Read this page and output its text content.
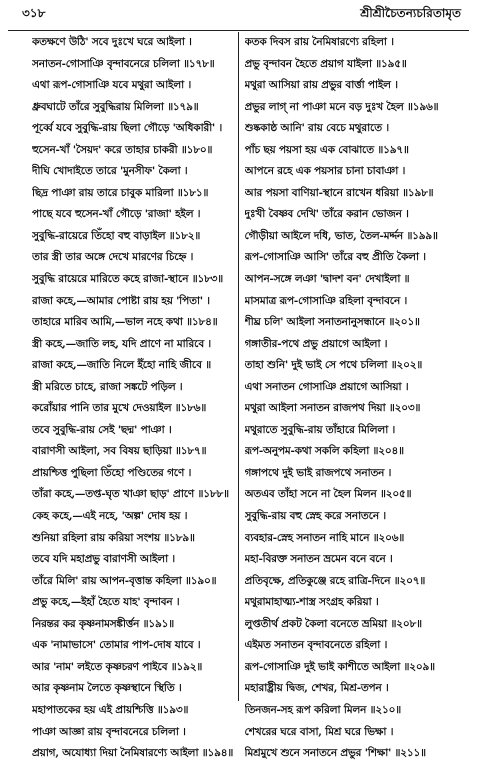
৩১৮	শ্রীশ্রীচৈতন্যচরিতামৃত
কতক্ষণে উঠি' সবে দুঃখে ঘরে আইলা ।
সনাতন-গোসাঞি বৃন্দাবনেরে চলিলা ॥১৭৮॥
এথা রূপ-গোসাঞি যবে মথুরা আইলা ।
ধ্রুবঘাটে তাঁরে সুবুদ্ধিরায় মিলিলা ॥১৭৯॥
পূর্ব্বে যবে সুবুদ্ধি-রায় ছিলা গৌড়ে 'অধিকারী' ।
হুসেন-খাঁ 'সৈয়দ' করে তাহার চাকরী ॥১৮০॥
দীঘি খোদাইতে তারে 'মুনসীফ' কৈলা ।
ছিদ্র পাঞা রায় তারে চাবুক মারিলা ॥১৮১॥
পাছে যবে হুসেন-খাঁ গৌড়ে 'রাজা' হইল ।
সুবুদ্ধি-রায়েরে তিঁহো বহু বাড়াইল ॥১৮২॥
তার স্ত্রী তার অঙ্গে দেখে মারণের চিহ্নে ।
সুবুদ্ধি রায়েরে মারিতে কহে রাজা-স্থানে ॥১৮৩॥
রাজা কহে,—আমার পোষ্টা রায় হয় 'পিতা' ।
তাহারে মারিব আমি,—ভাল নহে কথা ॥১৮৪॥
স্ত্রী কহে,—জাতি লহ, যদি প্রাণে না মারিবে ।
রাজা কহে,—জাতি নিলে ইঁহো নাহি জীবে ॥
স্ত্রী মরিতে চাহে, রাজা সঙ্কটে পড়িল ।
করোঁয়ার পানি তার মুখে দেওয়াইল ॥১৮৬॥
তবে সুবুদ্ধি-রায় সেই 'ছদ্ম' পাঞা ।
বারাণসী আইলা, সব বিষয় ছাড়িয়া ॥১৮৭॥
প্রায়শ্চিত্ত পুছিলা তিঁহো পণ্ডিতের গণে ।
তাঁরা কহে,—তপ্ত-ঘৃত খাঞা ছাড়' প্রাণে ॥১৮৮॥
কেহ কহে,—এই নহে, 'অল্প' দোষ হয় ।
শুনিয়া রহিলা রায় করিয়া সংশয় ॥১৮৯॥
তবে যদি মহাপ্রভু বারাণসী আইলা ।
তাঁরে মিলি' রায় আপন-বৃত্তান্ত কহিলা ॥১৯০॥
প্রভু কহে,—ইহাঁ হৈতে যাহ' বৃন্দাবন ।
নিরন্তর কর কৃষ্ণনামসঙ্কীর্ত্তন ॥১৯১॥
এক 'নামাভাসে' তোমার পাপ-দোষ যাবে ।
আর 'নাম' লইতে কৃষ্ণচরণ পাইবে ॥১৯২॥
আর কৃষ্ণনাম লৈতে কৃষ্ণস্থানে স্থিতি ।
মহাপাতকের হয় এই প্রায়শ্চিত্তি ॥১৯৩॥
পাঞা আজ্ঞা রায় বৃন্দাবনেরে চলিলা ।
প্রয়াগ, অযোধ্যা দিয়া নৈমিষারণ্যে আইলা ॥১৯৪॥
কতক দিবস রায় নৈমিষারণ্যে রহিলা ।
প্রভু বৃন্দাবন হৈতে প্রয়াগ যাইলা ॥১৯৫॥
মথুরা আসিয়া রায় প্রভুর বার্ত্তা পাইল ।
প্রভুর লাগ্ না পাঞা মনে বড় দুঃখ হৈল ॥১৯৬॥
শুষ্ককাষ্ঠ আনি' রায় বেচে মথুরাতে ।
পাঁচ ছয় পয়সা হয় এক বোঝাতে ॥১৯৭॥
আপনে রহে এক পয়সার চানা চাবাঞা ।
আর পয়সা বাণিয়া-স্থানে রাখেন ধরিয়া ॥১৯৮॥
দুঃখী বৈষ্ণব দেখি' তাঁরে করান ভোজন ।
গৌড়ীয়া আইলে দধি, ভাত, তৈল-মর্দ্দন ॥১৯৯॥
রূপ-গোসাঞি আসি' তাঁরে বহু প্রীতি কৈলা ।
আপন-সঙ্গে লঞা 'দ্বাদশ বন' দেখাইলা ॥
মাসমাত্র রূপ-গোসাঞি রহিলা বৃন্দাবনে ।
শীঘ্র চলি' আইলা সনাতনানুসন্ধানে ॥২০১॥
গঙ্গাতীর-পথে প্রভু প্রয়াগে আইলা ।
তাহা শুনি' দুই ভাই সে পথে চলিলা ॥২০২॥
এথা সনাতন গোসাঞি প্রয়াগে আসিয়া ।
মথুরা আইলা সনাতন রাজপথ দিয়া ॥২০৩॥
মথুরাতে সুবুদ্ধি-রায় তাঁহারে মিলিলা ।
রূপ-অনুপম-কথা সকলি কহিলা ॥২০৪॥
গঙ্গাপথে দুই ভাই রাজপথে সনাতন ।
অতএব তাঁহা সনে না হৈল মিলন ॥২০৫॥
সুবুদ্ধি-রায় বহু স্নেহ করে সনাতনে ।
ব্যবহার-স্নেহ সনাতন নাহি মানে ॥২০৬॥
মহা-বিরক্ত সনাতন ভ্রমেন বনে বনে ।
প্রতিবৃক্ষে, প্রতিকুঞ্জে রহে রাত্রি-দিনে ॥২০৭॥
মথুরামাহাত্ম্য-শাস্ত্র সংগ্রহ করিয়া ।
লুপ্ততীর্থ প্রকট কৈলা বনেতে ভ্রমিয়া ॥২০৮॥
এইমত সনাতন বৃন্দাবনেতে রহিলা ।
রূপ-গোসাঞি দুই ভাই কাশীতে আইলা ॥২০৯॥
মহারাষ্ট্রীয় দ্বিজ, শেখর, মিশ্র-তপন ।
তিনজন-সহ রূপ করিলা মিলন ॥২১০॥
শেখরের ঘরে বাসা, মিশ্র ঘরে ভিক্ষা ।
মিশ্রমুখে শুনে সনাতনে প্রভুর 'শিক্ষা' ॥২১১॥
